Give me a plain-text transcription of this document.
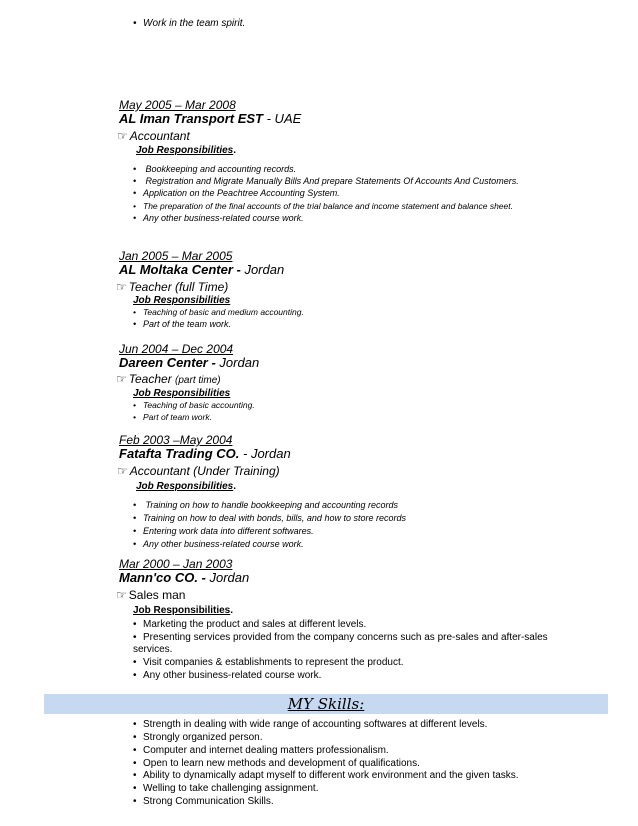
• Work in the team spirit.
May 2005 – Mar 2008
AL Iman Transport EST - UAE
☞ Accountant
Job Responsibilities.
• Bookkeeping and accounting records.
• Registration and Migrate Manually Bills And prepare Statements Of Accounts And Customers.
• Application on the Peachtree Accounting System.
• The preparation of the final accounts of the trial balance and income statement and balance sheet.
• Any other business-related course work.
Jan 2005 – Mar 2005
AL Moltaka Center - Jordan
☞ Teacher (full Time)
Job Responsibilities
• Teaching of basic and medium accounting.
• Part of the team work.
Jun 2004 – Dec 2004
Dareen Center - Jordan
☞ Teacher (part time)
Job Responsibilities
• Teaching of basic accounting.
• Part of team work.
Feb 2003 –May 2004
Fatafta Trading CO. - Jordan
☞ Accountant (Under Training)
Job Responsibilities.
• Training on how to handle bookkeeping and accounting records
• Training on how to deal with bonds, bills, and how to store records
• Entering work data into different softwares.
• Any other business-related course work.
Mar 2000 – Jan 2003
Mann'co CO. - Jordan
☞ Sales man
Job Responsibilities.
• Marketing the product and sales at different levels.
• Presenting services provided from the company concerns such as pre-sales and after-sales services.
• Visit companies & establishments to represent the product.
• Any other business-related course work.
MY Skills:
• Strength in dealing with wide range of accounting softwares at different levels.
• Strongly organized person.
• Computer and internet dealing matters professionalism.
• Open to learn new methods and development of qualifications.
• Ability to dynamically adapt myself to different work environment and the given tasks.
• Welling to take challenging assignment.
• Strong Communication Skills.
